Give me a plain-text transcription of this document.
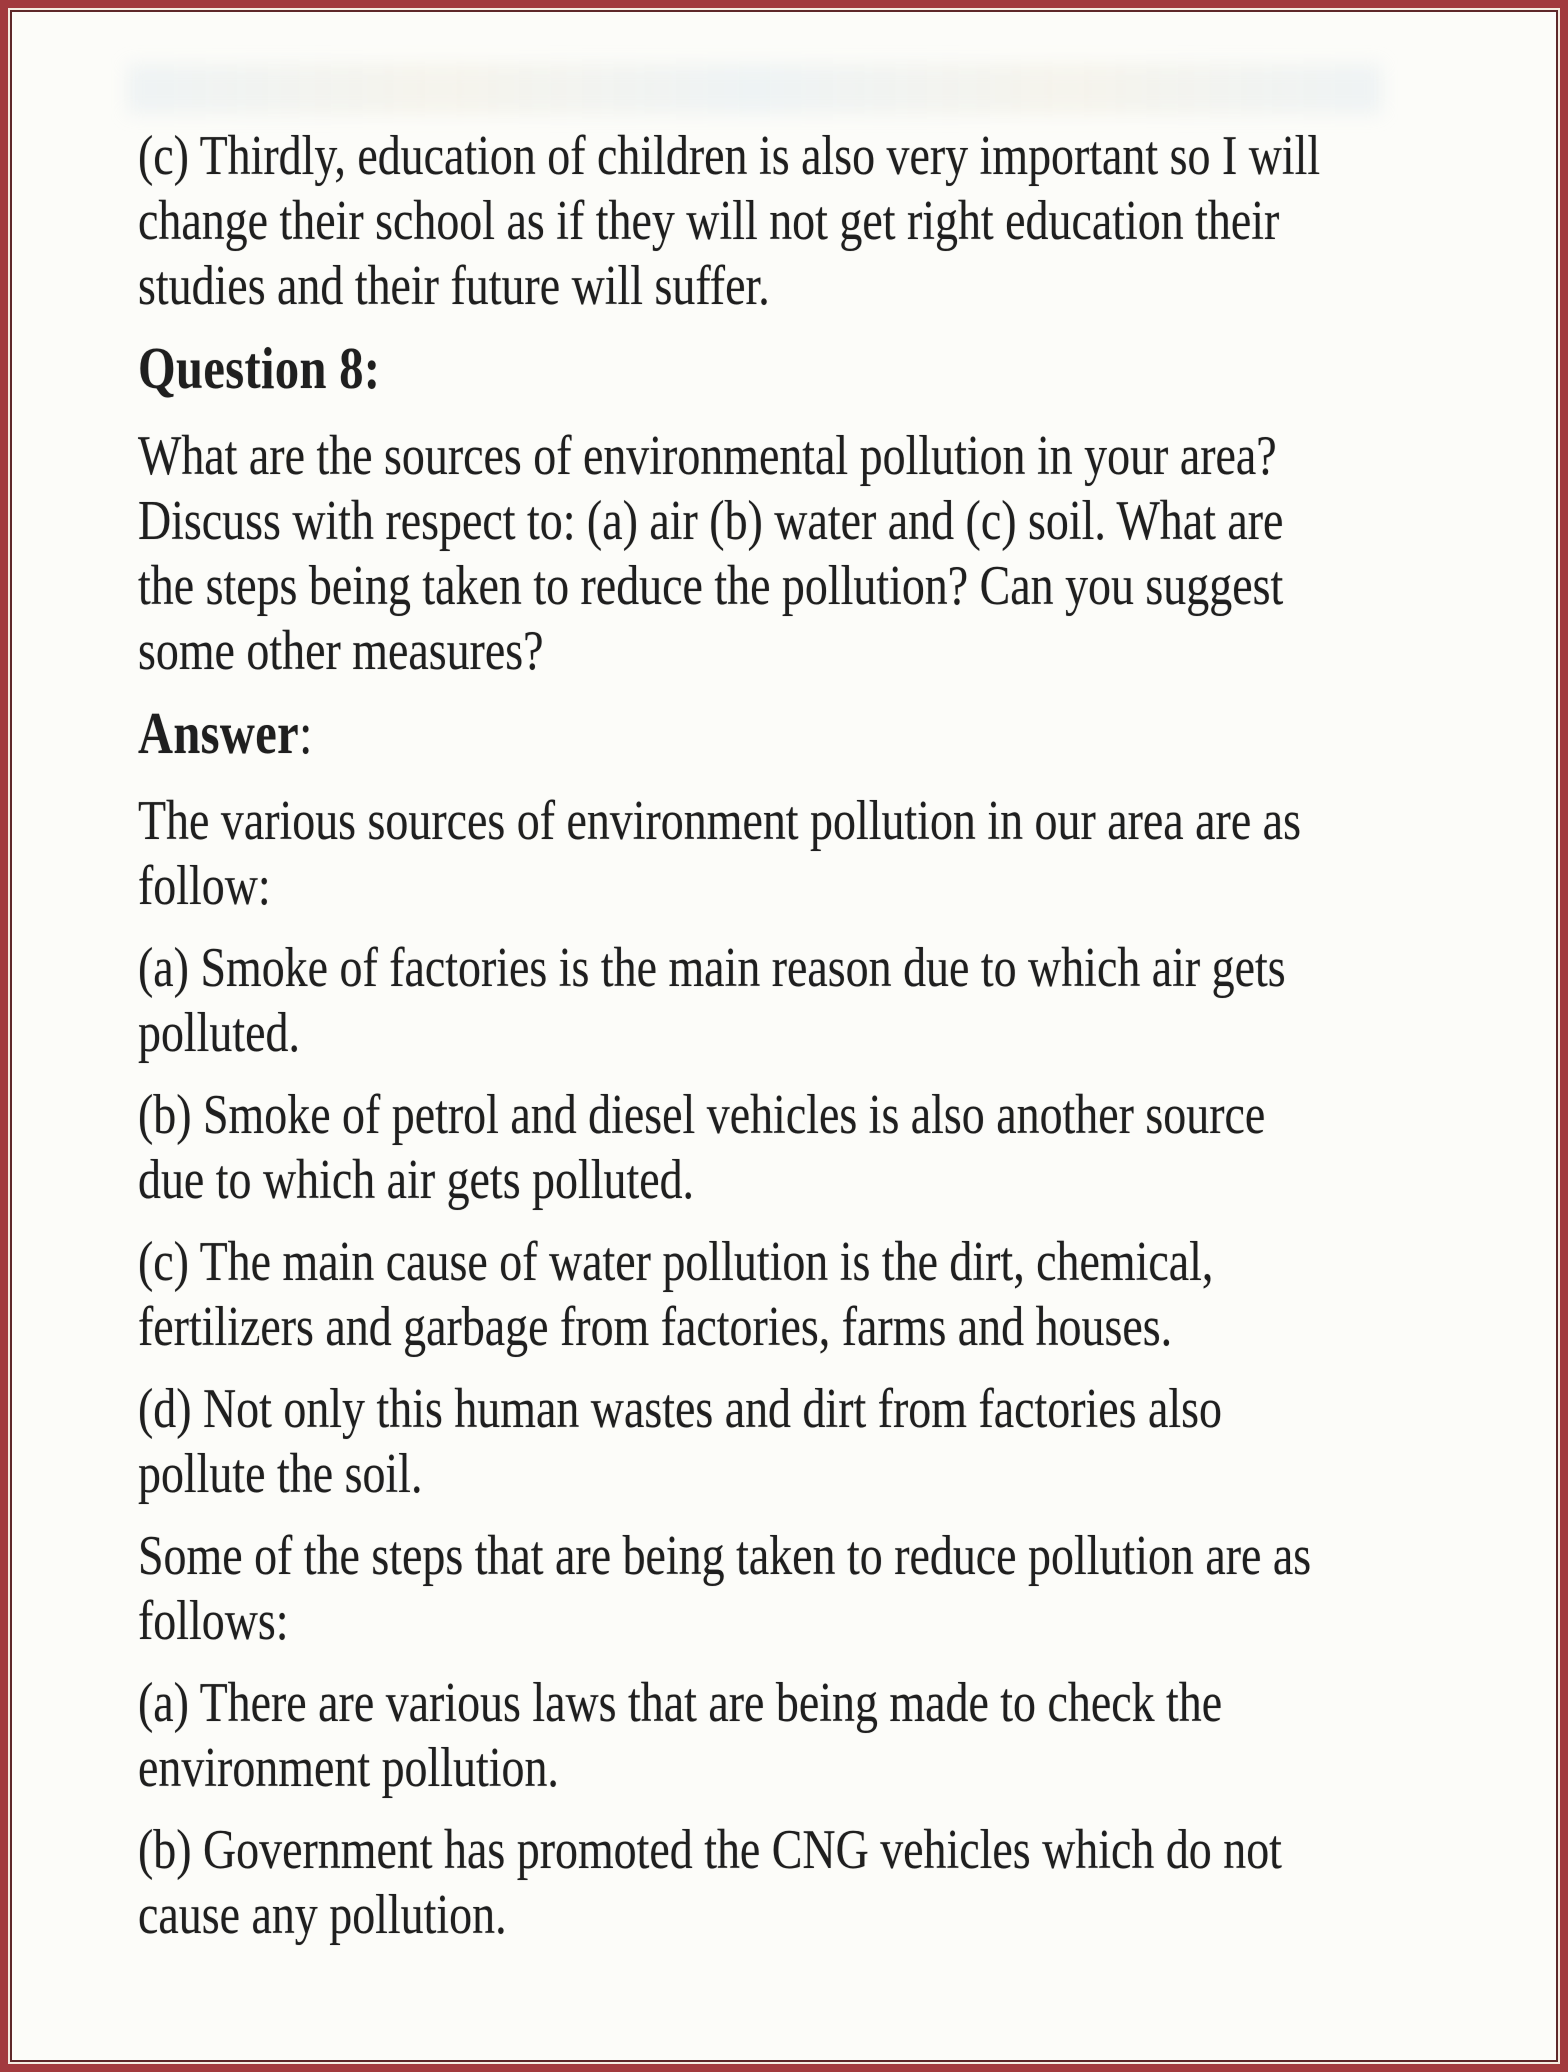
(c) Thirdly, education of children is also very important so I will
change their school as if they will not get right education their
studies and their future will suffer.

Question 8:

What are the sources of environmental pollution in your area?
Discuss with respect to: (a) air (b) water and (c) soil. What are
the steps being taken to reduce the pollution? Can you suggest
some other measures?

Answer:

The various sources of environment pollution in our area are as
follow:

(a) Smoke of factories is the main reason due to which air gets
polluted.

(b) Smoke of petrol and diesel vehicles is also another source
due to which air gets polluted.

(c) The main cause of water pollution is the dirt, chemical,
fertilizers and garbage from factories, farms and houses.

(d) Not only this human wastes and dirt from factories also
pollute the soil.

Some of the steps that are being taken to reduce pollution are as
follows:

(a) There are various laws that are being made to check the
environment pollution.

(b) Government has promoted the CNG vehicles which do not
cause any pollution.
